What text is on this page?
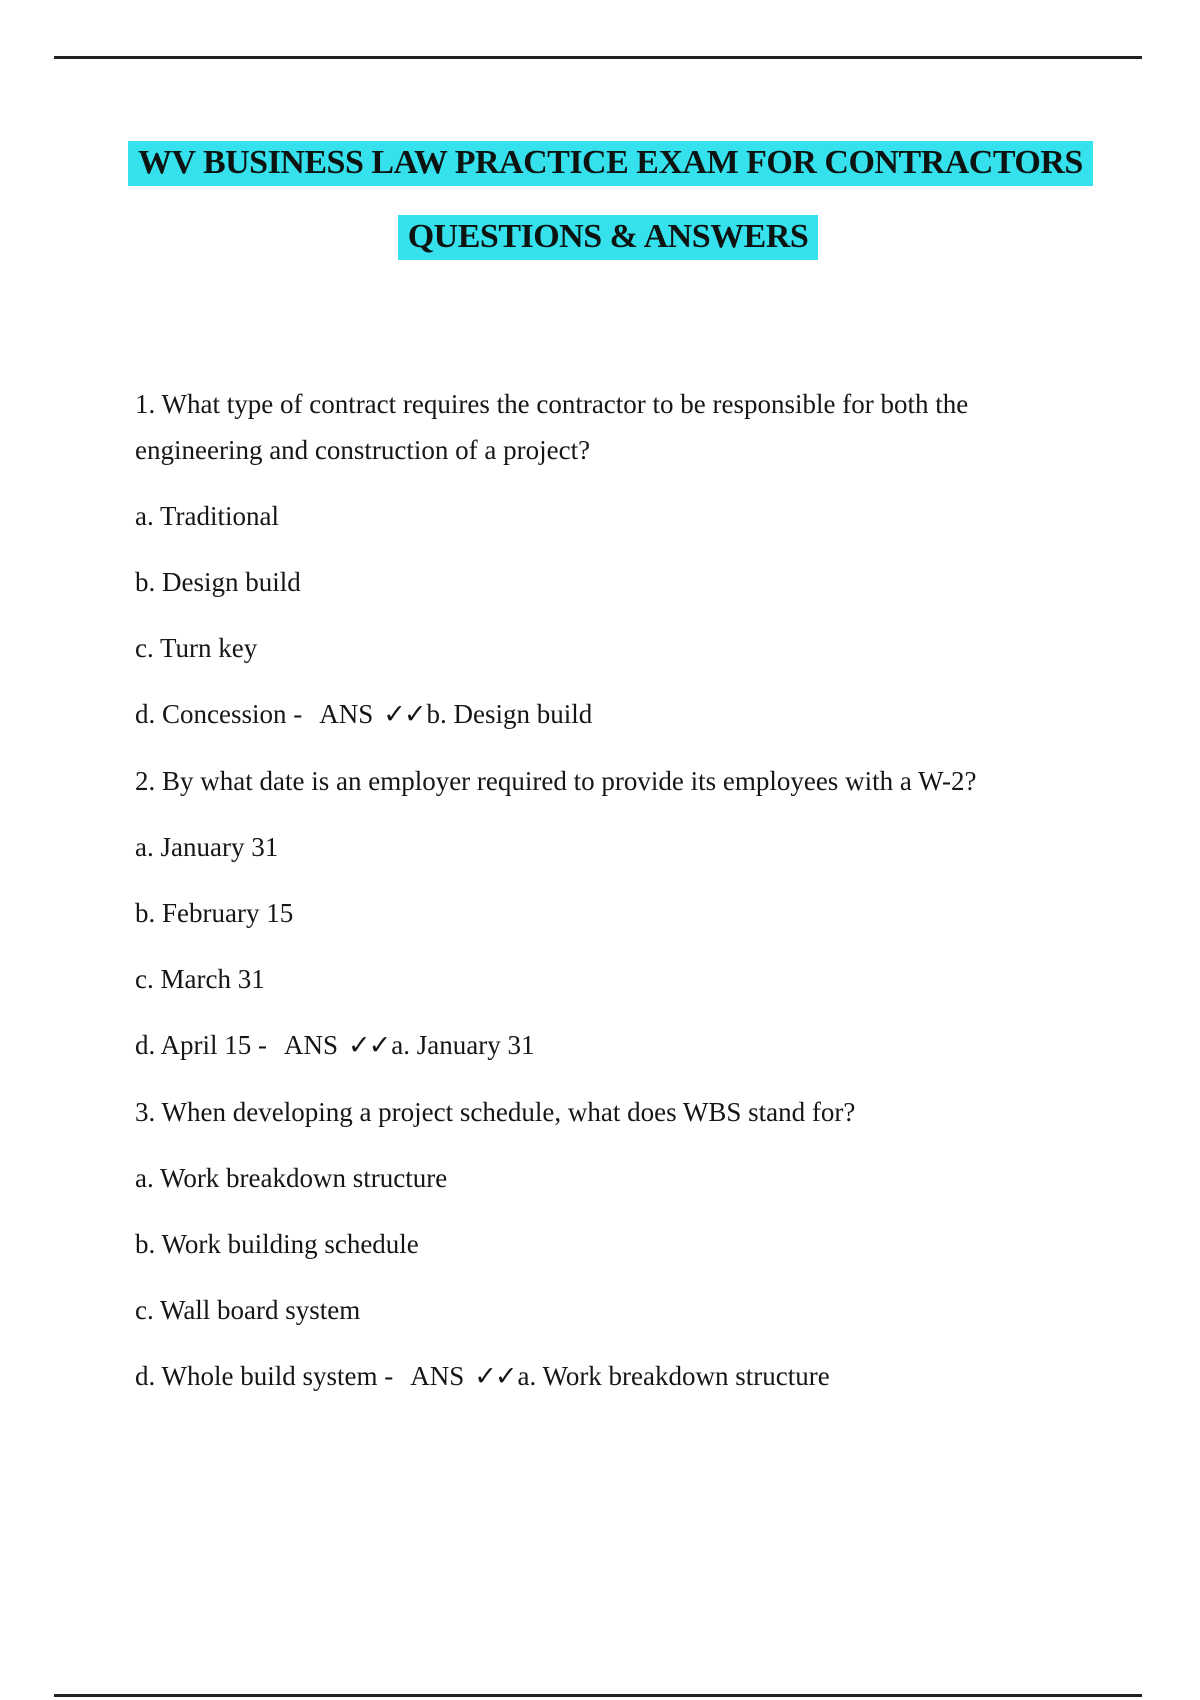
WV BUSINESS LAW PRACTICE EXAM FOR CONTRACTORS

QUESTIONS & ANSWERS

1. What type of contract requires the contractor to be responsible for both the
engineering and construction of a project?
a. Traditional
b. Design build
c. Turn key
d. Concession - ANS ✓✓b. Design build
2. By what date is an employer required to provide its employees with a W-2?
a. January 31
b. February 15
c. March 31
d. April 15 - ANS ✓✓a. January 31
3. When developing a project schedule, what does WBS stand for?
a. Work breakdown structure
b. Work building schedule
c. Wall board system
d. Whole build system - ANS ✓✓a. Work breakdown structure
